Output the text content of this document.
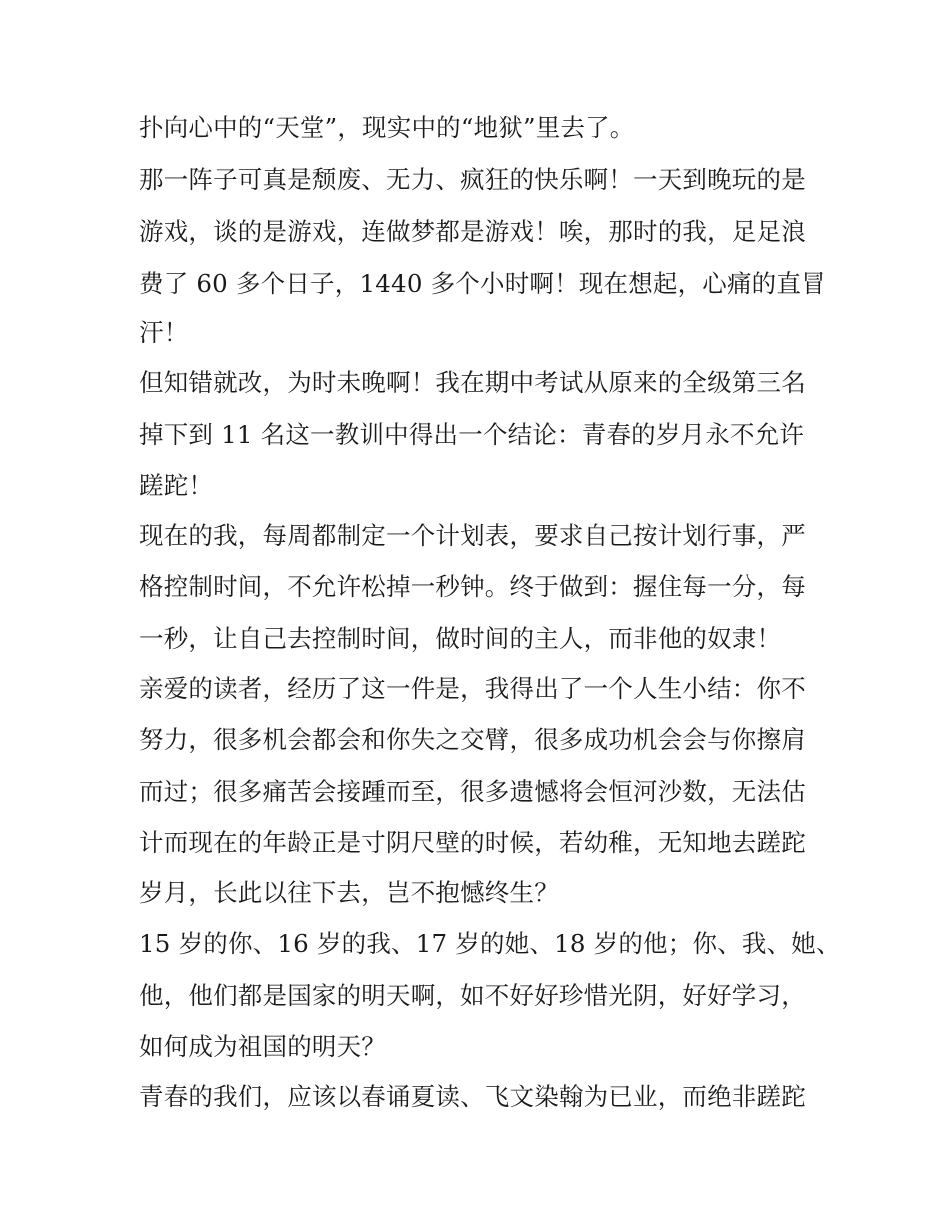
扑向心中的“天堂”，现实中的“地狱”里去了。
那一阵子可真是颓废、无力、疯狂的快乐啊！一天到晚玩的是
游戏，谈的是游戏，连做梦都是游戏！唉，那时的我，足足浪
费了 60 多个日子，1440 多个小时啊！现在想起，心痛的直冒
汗！
但知错就改，为时未晚啊！我在期中考试从原来的全级第三名
掉下到 11 名这一教训中得出一个结论：青春的岁月永不允许
蹉跎！
现在的我，每周都制定一个计划表，要求自己按计划行事，严
格控制时间，不允许松掉一秒钟。终于做到：握住每一分，每
一秒，让自己去控制时间，做时间的主人，而非他的奴隶！
亲爱的读者，经历了这一件是，我得出了一个人生小结：你不
努力，很多机会都会和你失之交臂，很多成功机会会与你擦肩
而过；很多痛苦会接踵而至，很多遗憾将会恒河沙数，无法估
计而现在的年龄正是寸阴尺壁的时候，若幼稚，无知地去蹉跎
岁月，长此以往下去，岂不抱憾终生？
15 岁的你、16 岁的我、17 岁的她、18 岁的他；你、我、她、
他，他们都是国家的明天啊，如不好好珍惜光阴，好好学习，
如何成为祖国的明天？
青春的我们，应该以春诵夏读、飞文染翰为已业，而绝非蹉跎
